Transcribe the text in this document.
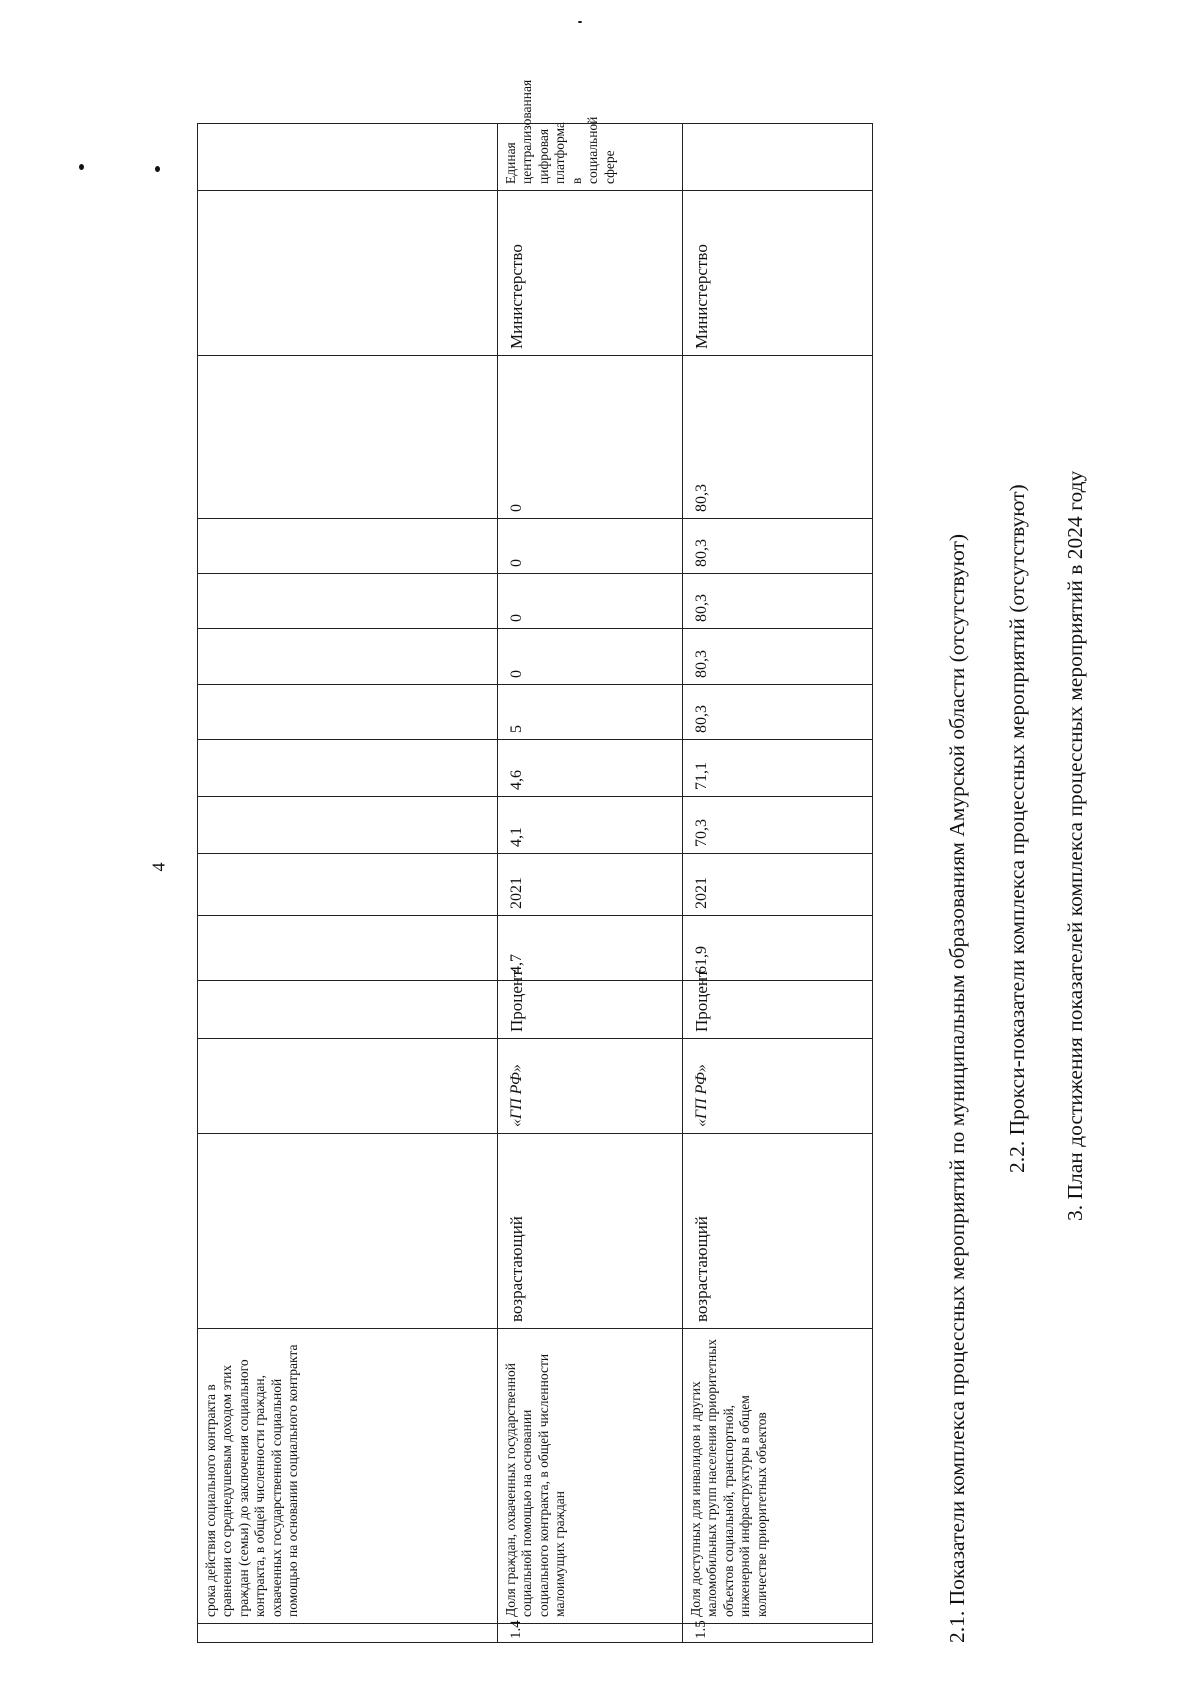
4
	срока действия социального контракта в сравнении со среднедушевым доходом этих граждан (семьи) до заключения социального контракта, в общей численности граждан, охваченных государственной социальной помощью на основании социального контракта														
1.4	Доля граждан, охваченных государственной социальной помощью на основании социального контракта, в общей численности малоимущих граждан	возрастающий	«ГП РФ»	Процент	4,7	2021	4,1	4,6	5	0	0	0	0	Министерство	Единая централизованная цифровая платформа в социальной сфере
1.5	Доля доступных для инвалидов и других маломобильных групп населения приоритетных объектов социальной, транспортной, инженерной инфраструктуры в общем количестве приоритетных объектов	возрастающий	«ГП РФ»	Процент	61,9	2021	70,3	71,1	80,3	80,3	80,3	80,3	80,3	Министерство	
2.1. Показатели комплекса процессных мероприятий по муниципальным образованиям Амурской области (отсутствуют) 2.2. Прокси-показатели комплекса процессных мероприятий (отсутствуют) 3. План достижения показателей комплекса процессных мероприятий в 2024 году
